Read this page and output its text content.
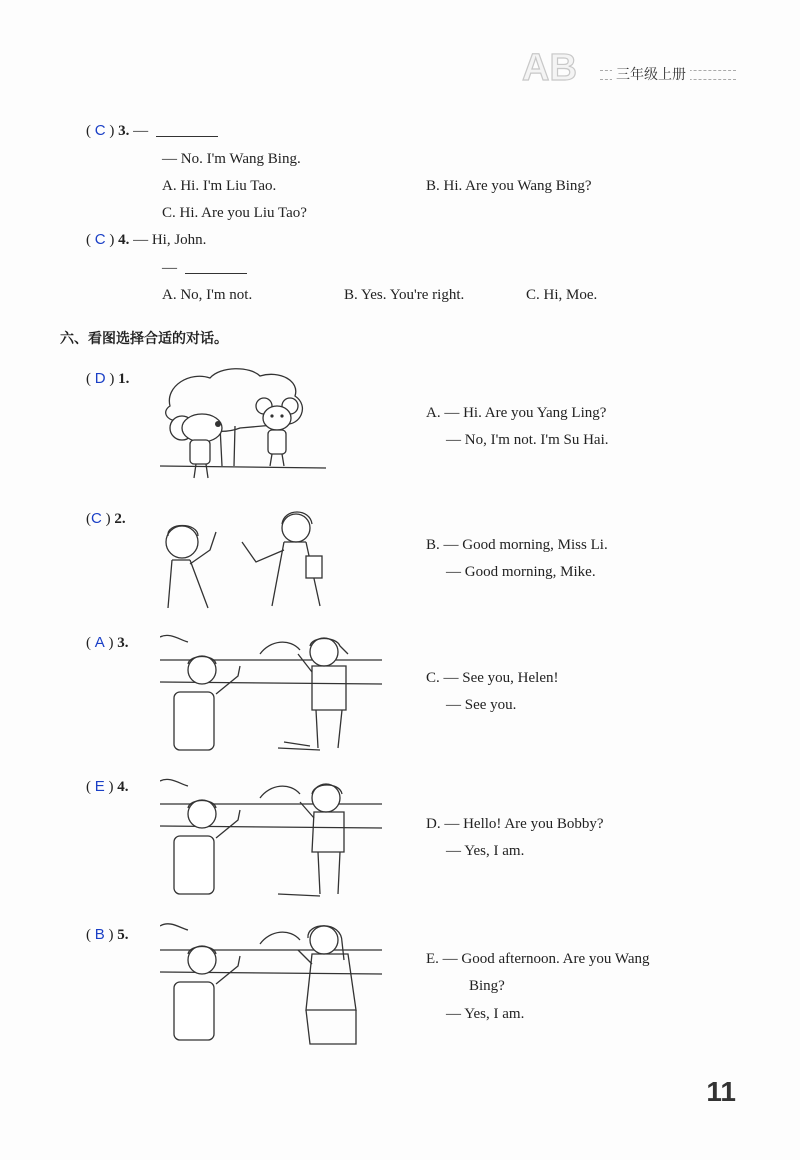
AB	三年级上册
( C ) 3. —
— No. I'm Wang Bing.
A. Hi. I'm Liu Tao.	B. Hi. Are you Wang Bing?
C. Hi. Are you Liu Tao?
( C ) 4. — Hi, John.
—
A. No, I'm not.	B. Yes. You're right.	C. Hi, Moe.
六、看图选择合适的对话。
( D ) 1.
(C ) 2.
( A ) 3.
( E ) 4.
( B ) 5.
A. — Hi. Are you Yang Ling?
— No, I'm not. I'm Su Hai.
B. — Good morning, Miss Li.
— Good morning, Mike.
C. — See you, Helen!
— See you.
D. — Hello! Are you Bobby?
— Yes, I am.
E. — Good afternoon. Are you Wang
Bing?
— Yes, I am.
11
